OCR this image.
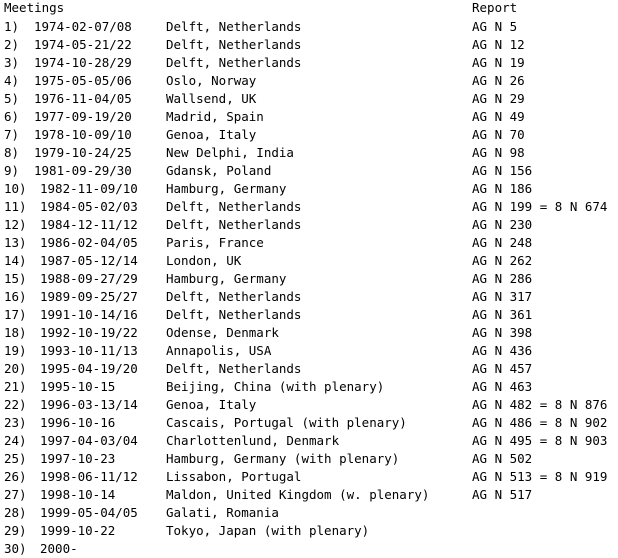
Meetings

	Report

1) 1974-02-07/08	Delft, Netherlands	AG N 5
2) 1974-05-21/22	Delft, Netherlands	AG N 12
3) 1974-10-28/29	Delft, Netherlands	AG N 19
4) 1975-05-05/06	Oslo, Norway	AG N 26
5) 1976-11-04/05	Wallsend, UK	AG N 29
6) 1977-09-19/20	Madrid, Spain	AG N 49
7) 1978-10-09/10	Genoa, Italy	AG N 70
8) 1979-10-24/25	New Delphi, India	AG N 98
9) 1981-09-29/30	Gdansk, Poland	AG N 156
10) 1982-11-09/10 Hamburg, Germany	AG N 186
11) 1984-05-02/03 Delft, Netherlands	AG N 199 = 8 N 674
12) 1984-12-11/12 Delft, Netherlands	AG N 230
13) 1986-02-04/05 Paris, France	AG N 248
14) 1987-05-12/14 London, UK	AG N 262
15) 1988-09-27/29 Hamburg, Germany	AG N 286
16) 1989-09-25/27 Delft, Netherlands	AG N 317
17) 1991-10-14/16 Delft, Netherlands	AG N 361
18) 1992-10-19/22 Odense, Denmark	AG N 398
19) 1993-10-11/13 Annapolis, USA	AG N 436
20) 1995-04-19/20 Delft, Netherlands	AG N 457
21) 1995-10-15	Beijing, China (with plenary)	AG N 463
22) 1996-03-13/14 Genoa, Italy	AG N 482 = 8 N 876
23) 1996-10-16	Cascais, Portugal (with plenary)	AG N 486 = 8 N 902
24) 1997-04-03/04 Charlottenlund, Denmark	AG N 495 = 8 N 903
25) 1997-10-23	Hamburg, Germany (with plenary)	AG N 502
26) 1998-06-11/12 Lissabon, Portugal	AG N 513 = 8 N 919
27) 1998-10-14	Maldon, United Kingdom (w. plenary)	AG N 517
28) 1999-05-04/05 Galati, Romania
29) 1999-10-22	Tokyo, Japan (with plenary)
30) 2000-
